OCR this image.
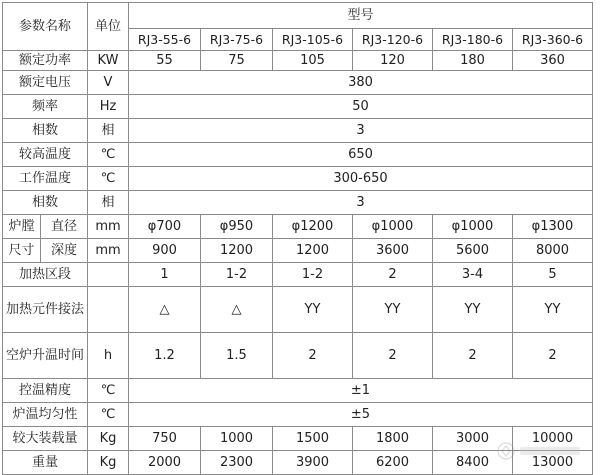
参数名称		单位	型号					
			RJ3-55-6	RJ3-75-6	RJ3-105-6	RJ3-120-6	RJ3-180-6	RJ3-360-6
额定功率		KW	55	75	105	120	180	360
额定电压		V	380					
频率		Hz	50					
相数		相	3					
较高温度		℃	650					
工作温度		℃	300-650					
相数		相	3					
炉膛	直径	mm	φ700	φ950	φ1200	φ1000	φ1000	φ1300
尺寸	深度	mm	900	1200	1200	3600	5600	8000
加热区段			1	1-2	1-2	2	3-4	5
加热元件接法			△	△	YY	YY	YY	YY
空炉升温时间		h	1.2	1.5	2	2	2	2
控温精度		℃	±1					
炉温均匀性		℃	±5					
较大装载量		Kg	750	1000	1500	1800	3000	10000
重量		Kg	2000	2300	3900	6200	8400	13000
